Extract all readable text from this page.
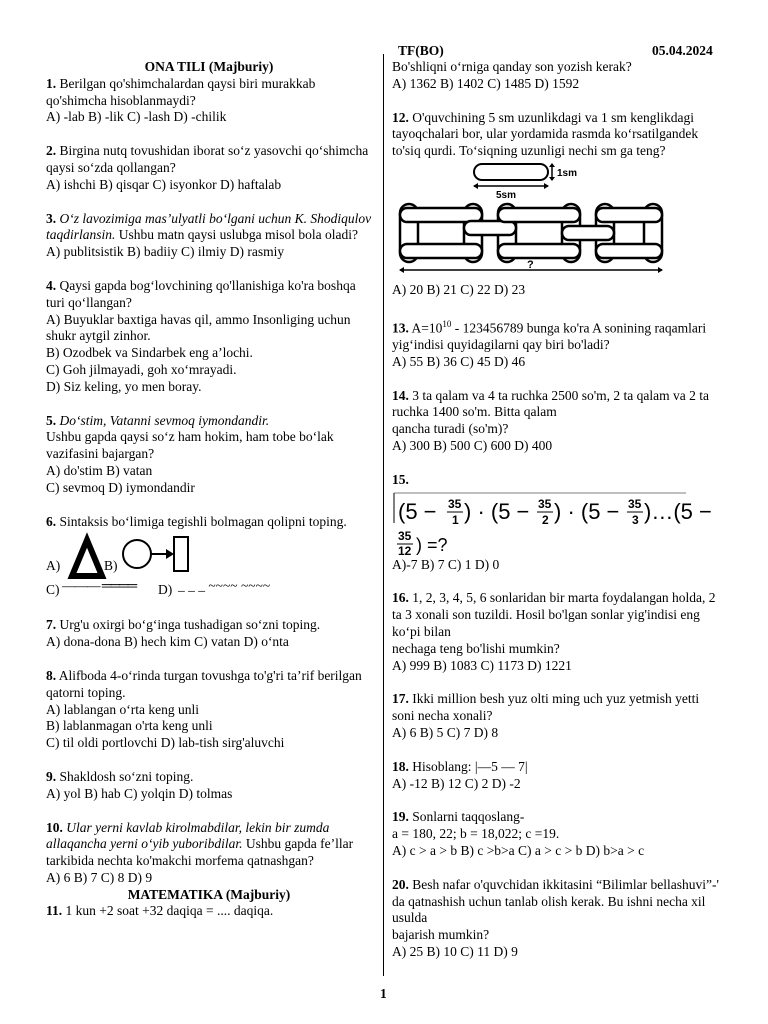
TF(BO)	05.04.2024
ONA TILI (Majburiy)

1. Berilgan qo'shimchalardan qaysi biri murakkab qo'shimcha hisoblanmaydi?

A) -lab B) -lik C) -lash D) -chilik

2. Birgina nutq tovushidan iborat so‘z yasovchi qo‘shimcha qaysi so‘zda qollangan?

A) ishchi B) qisqar C) isyonkor D) haftalab

3. O‘z lavozimiga mas’ulyatli bo‘lgani uchun K. Shodiqulov taqdirlansin. Ushbu matn qaysi uslubga misol bola oladi?

A) publitsistik B) badiiy C) ilmiy D) rasmiy

4. Qaysi gapda bog‘lovchining qo'llanishiga ko'ra boshqa turi qo‘llangan?

A) Buyuklar baxtiga havas qil, ammo Insonliging uchun shukr aytgil zinhor.

B) Ozodbek va Sindarbek eng a’lochi.

C) Goh jilmayadi, goh xo‘mrayadi.

D) Siz keling, yo men boray.

5. Do‘stim, Vatanni sevmoq iymondandir.

Ushbu gapda qaysi so‘z ham hokim, ham tobe bo‘lak vazifasini bajargan?

A) do'stim B) vatan

C) sevmoq D) iymondandir

6. Sintaksis bo‘limiga tegishli bolmagan qolipni toping.

A)	B)
C) ——— ════ D) _ _ _ ~~~~ ~~~~

7. Urg'u oxirgi bo‘g‘inga tushadigan so‘zni toping.

A) dona-dona B) hech kim C) vatan D) o‘nta

8. Alifboda 4-o‘rinda turgan tovushga to'g'ri ta’rif berilgan qatorni toping.

A) lablangan o‘rta keng unli

B) lablanmagan o'rta keng unli

C) til oldi portlovchi D) lab-tish sirg'aluvchi

9. Shakldosh so‘zni toping.

A) yol B) hab C) yolqin D) tolmas

10. Ular yerni kavlab kirolmabdilar, lekin bir zumda allaqancha yerni o‘yib yuboribdilar. Ushbu gapda fe’llar tarkibida nechta ko'makchi morfema qatnashgan?

A) 6 B) 7 C) 8 D) 9

MATEMATIKA (Majburiy)

11. 1 kun +2 soat +32 daqiqa = .... daqiqa.

Bo'shliqni o‘rniga qanday son yozish kerak?

A) 1362 B) 1402 C) 1485 D) 1592

12. O'quvchining 5 sm uzunlikdagi va 1 sm kenglikdagi tayoqchalari bor, ular yordamida rasmda ko‘rsatilgandek to'siq qurdi. To‘siqning uzunligi nechi sm ga teng?

1sm
5sm
?

A) 20 B) 21 C) 22 D) 23

13. $A=10^{10} - 123456789$ bunga ko'ra A sonining raqamlari yig‘indisi quyidagilarni qay biri bo'ladi?

A) 55 B) 36 C) 45 D) 46

14. 3 ta qalam va 4 ta ruchka 2500 so'm, 2 ta qalam va 2 ta ruchka 1400 so'm. Bitta qalam

qancha turadi (so'm)?

A) 300 B) 500 C) 600 D) 400

15.

(5 − 35
1 ) · (5 − 35
2 ) · (5 − 35
3 )…(5 −
35
12 ) =?

A)-7 B) 7 C) 1 D) 0

16. 1, 2, 3, 4, 5, 6 sonlaridan bir marta foydalangan holda, 2 ta 3 xonali son tuzildi. Hosil bo'lgan sonlar yig'indisi eng ko‘pi bilan

nechaga teng bo'lishi mumkin?

A) 999 B) 1083 C) 1173 D) 1221

17. Ikki million besh yuz olti ming uch yuz yetmish yetti soni necha xonali?

A) 6 B) 5 C) 7 D) 8

18. Hisoblang: |—5 — 7|

A) -12 B) 12 C) 2 D) -2

19. Sonlarni taqqoslang-

a = 180, 22; b = 18,022; c =19.

A) c > a > b B) c >b>a C) a > c > b D) b>a > c

20. Besh nafar o'quvchidan ikkitasini “Bilimlar bellashuvi”-' da qatnashish uchun tanlab olish kerak. Bu ishni necha xil usulda

bajarish mumkin?

A) 25 B) 10 C) 11 D) 9

1
